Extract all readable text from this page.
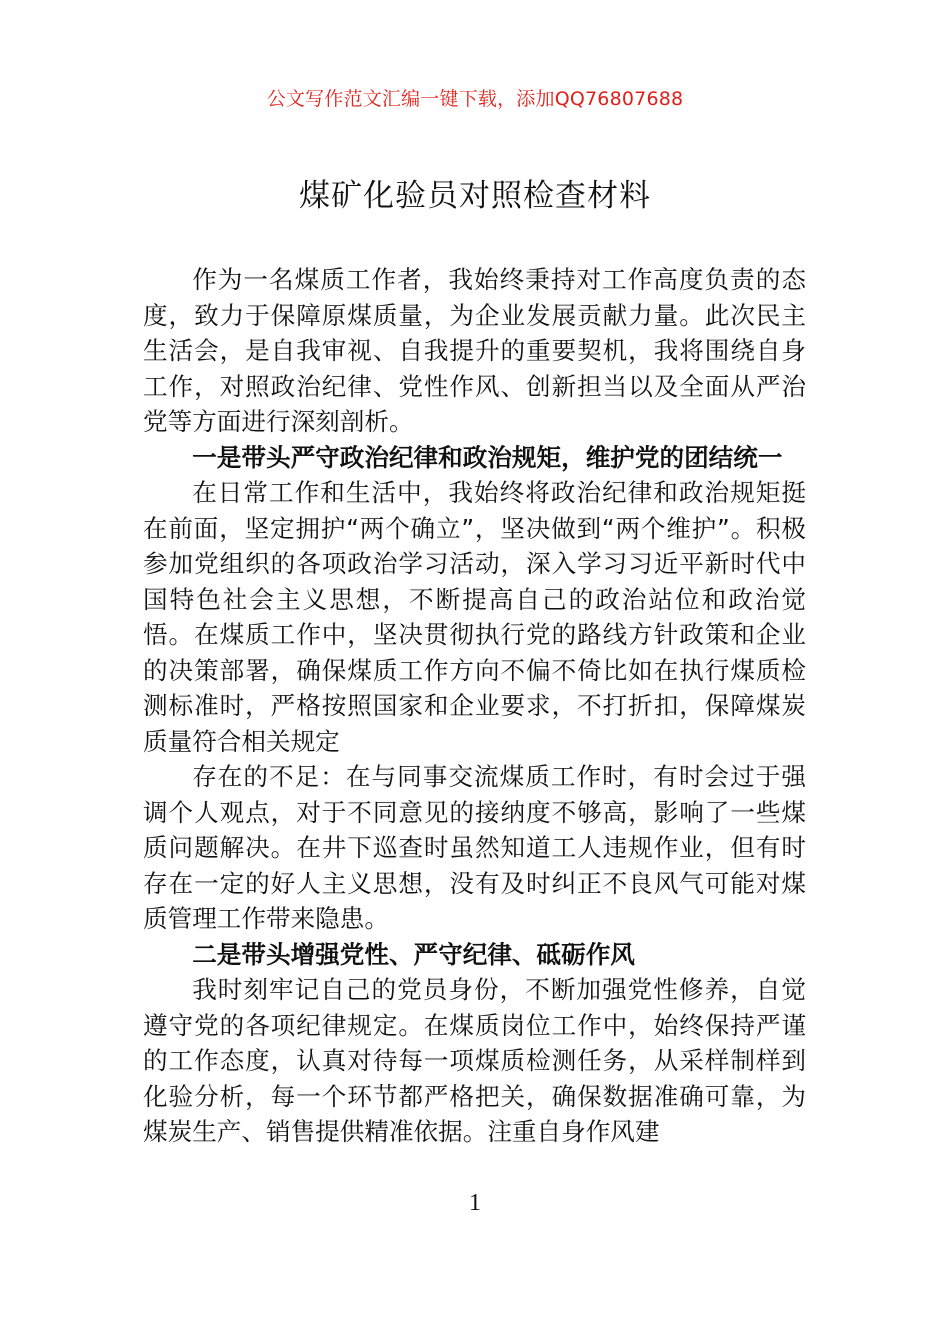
公文写作范文汇编一键下载，添加QQ76807688
煤矿化验员对照检查材料

作为一名煤质工作者，我始终秉持对工作高度负责的态度，致力于保障原煤质量，为企业发展贡献力量。此次民主生活会，是自我审视、自我提升的重要契机，我将围绕自身工作，对照政治纪律、党性作风、创新担当以及全面从严治党等方面进行深刻剖析。

一是带头严守政治纪律和政治规矩，维护党的团结统一

在日常工作和生活中，我始终将政治纪律和政治规矩挺在前面，坚定拥护“两个确立”，坚决做到“两个维护”。积极参加党组织的各项政治学习活动，深入学习习近平新时代中国特色社会主义思想，不断提高自己的政治站位和政治觉悟。在煤质工作中，坚决贯彻执行党的路线方针政策和企业的决策部署，确保煤质工作方向不偏不倚比如在执行煤质检测标准时，严格按照国家和企业要求，不打折扣，保障煤炭质量符合相关规定

存在的不足：在与同事交流煤质工作时，有时会过于强调个人观点，对于不同意见的接纳度不够高，影响了一些煤质问题解决。在井下巡查时虽然知道工人违规作业，但有时存在一定的好人主义思想，没有及时纠正不良风气可能对煤质管理工作带来隐患。

二是带头增强党性、严守纪律、砥砺作风

我时刻牢记自己的党员身份，不断加强党性修养，自觉遵守党的各项纪律规定。在煤质岗位工作中，始终保持严谨的工作态度，认真对待每一项煤质检测任务，从采样制样到化验分析，每一个环节都严格把关，确保数据准确可靠，为煤炭生产、销售提供精准依据。注重自身作风建

1
